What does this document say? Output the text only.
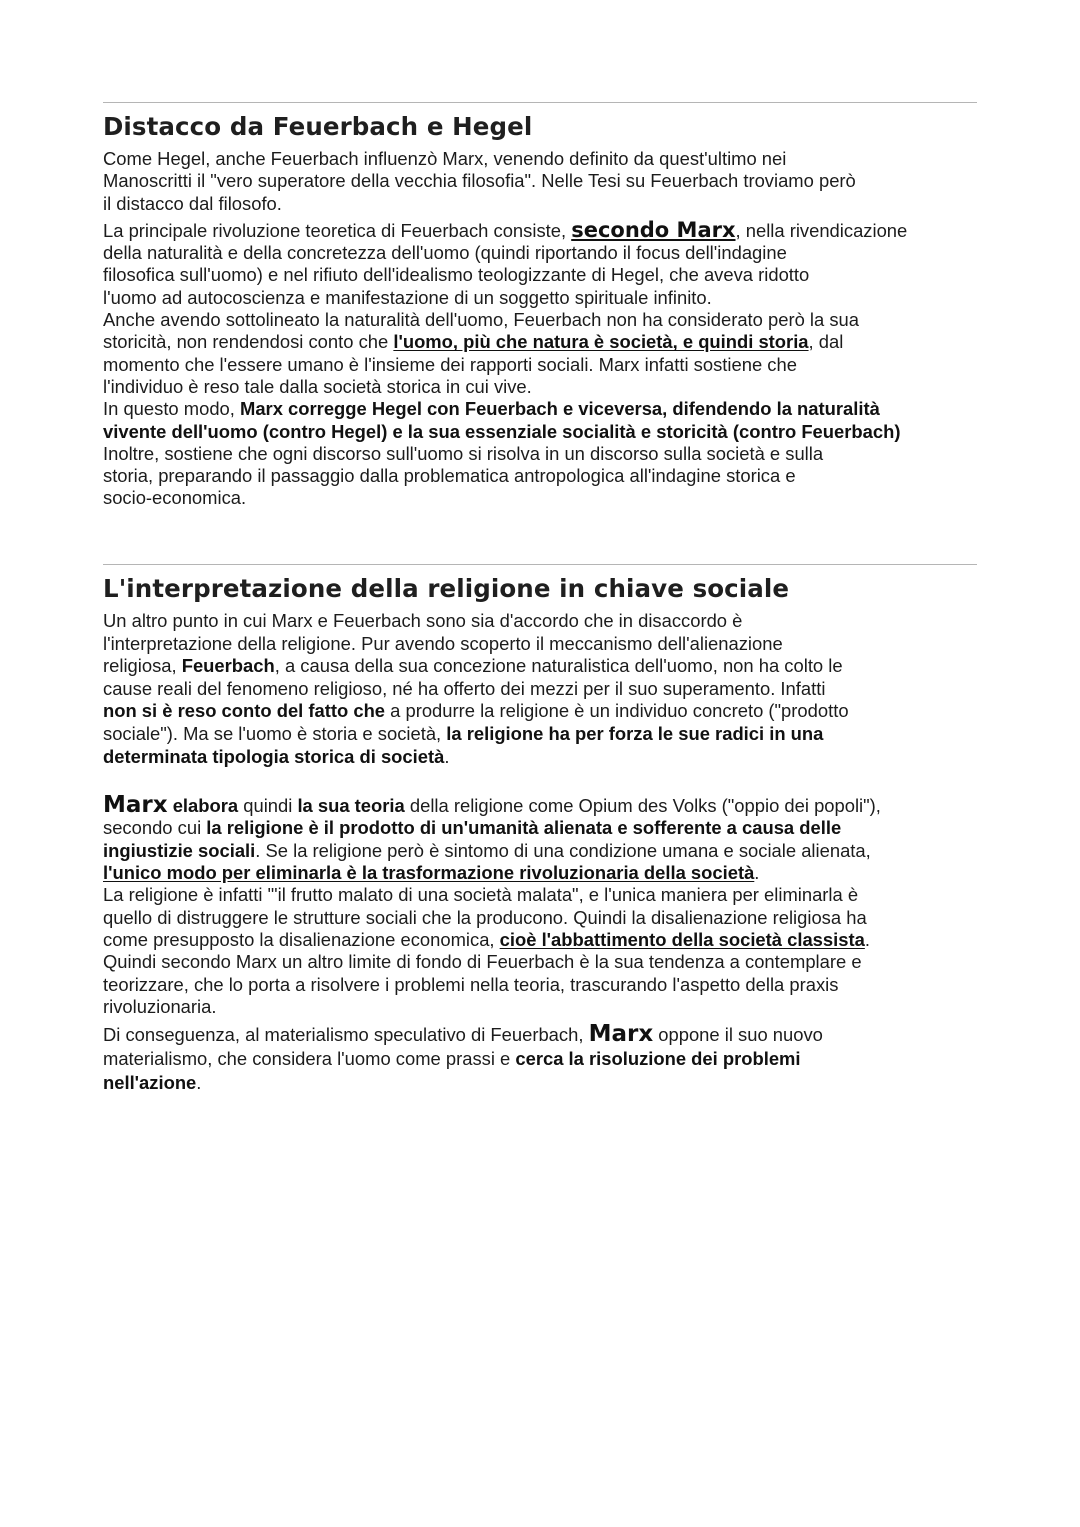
Distacco da Feuerbach e Hegel

Come Hegel, anche Feuerbach influenzò Marx, venendo definito da quest'ultimo nei
Manoscritti il "vero superatore della vecchia filosofia". Nelle Tesi su Feuerbach troviamo però
il distacco dal filosofo.

La principale rivoluzione teoretica di Feuerbach consiste, secondo Marx, nella rivendicazione
della naturalità e della concretezza dell'uomo (quindi riportando il focus dell'indagine
filosofica sull'uomo) e nel rifiuto dell'idealismo teologizzante di Hegel, che aveva ridotto
l'uomo ad autocoscienza e manifestazione di un soggetto spirituale infinito.
Anche avendo sottolineato la naturalità dell'uomo, Feuerbach non ha considerato però la sua
storicità, non rendendosi conto che l'uomo, più che natura è società, e quindi storia, dal
momento che l'essere umano è l'insieme dei rapporti sociali. Marx infatti sostiene che
l'individuo è reso tale dalla società storica in cui vive.
In questo modo, Marx corregge Hegel con Feuerbach e viceversa, difendendo la naturalità
vivente dell'uomo (contro Hegel) e la sua essenziale socialità e storicità (contro Feuerbach)
Inoltre, sostiene che ogni discorso sull'uomo si risolva in un discorso sulla società e sulla
storia, preparando il passaggio dalla problematica antropologica all'indagine storica e
socio-economica.

L'interpretazione della religione in chiave sociale

Un altro punto in cui Marx e Feuerbach sono sia d'accordo che in disaccordo è
l'interpretazione della religione. Pur avendo scoperto il meccanismo dell'alienazione
religiosa, Feuerbach, a causa della sua concezione naturalistica dell'uomo, non ha colto le
cause reali del fenomeno religioso, né ha offerto dei mezzi per il suo superamento. Infatti
non si è reso conto del fatto che a produrre la religione è un individuo concreto ("prodotto
sociale"). Ma se l'uomo è storia e società, la religione ha per forza le sue radici in una
determinata tipologia storica di società.

Marx elabora quindi la sua teoria della religione come Opium des Volks ("oppio dei popoli"),
secondo cui la religione è il prodotto di un'umanità alienata e sofferente a causa delle
ingiustizie sociali. Se la religione però è sintomo di una condizione umana e sociale alienata,
l'unico modo per eliminarla è la trasformazione rivoluzionaria della società.
La religione è infatti "'il frutto malato di una società malata", e l'unica maniera per eliminarla è
quello di distruggere le strutture sociali che la producono. Quindi la disalienazione religiosa ha
come presupposto la disalienazione economica, cioè l'abbattimento della società classista.
Quindi secondo Marx un altro limite di fondo di Feuerbach è la sua tendenza a contemplare e
teorizzare, che lo porta a risolvere i problemi nella teoria, trascurando l'aspetto della praxis
rivoluzionaria.

Di conseguenza, al materialismo speculativo di Feuerbach, Marx oppone il suo nuovo
materialismo, che considera l'uomo come prassi e cerca la risoluzione dei problemi
nell'azione.
